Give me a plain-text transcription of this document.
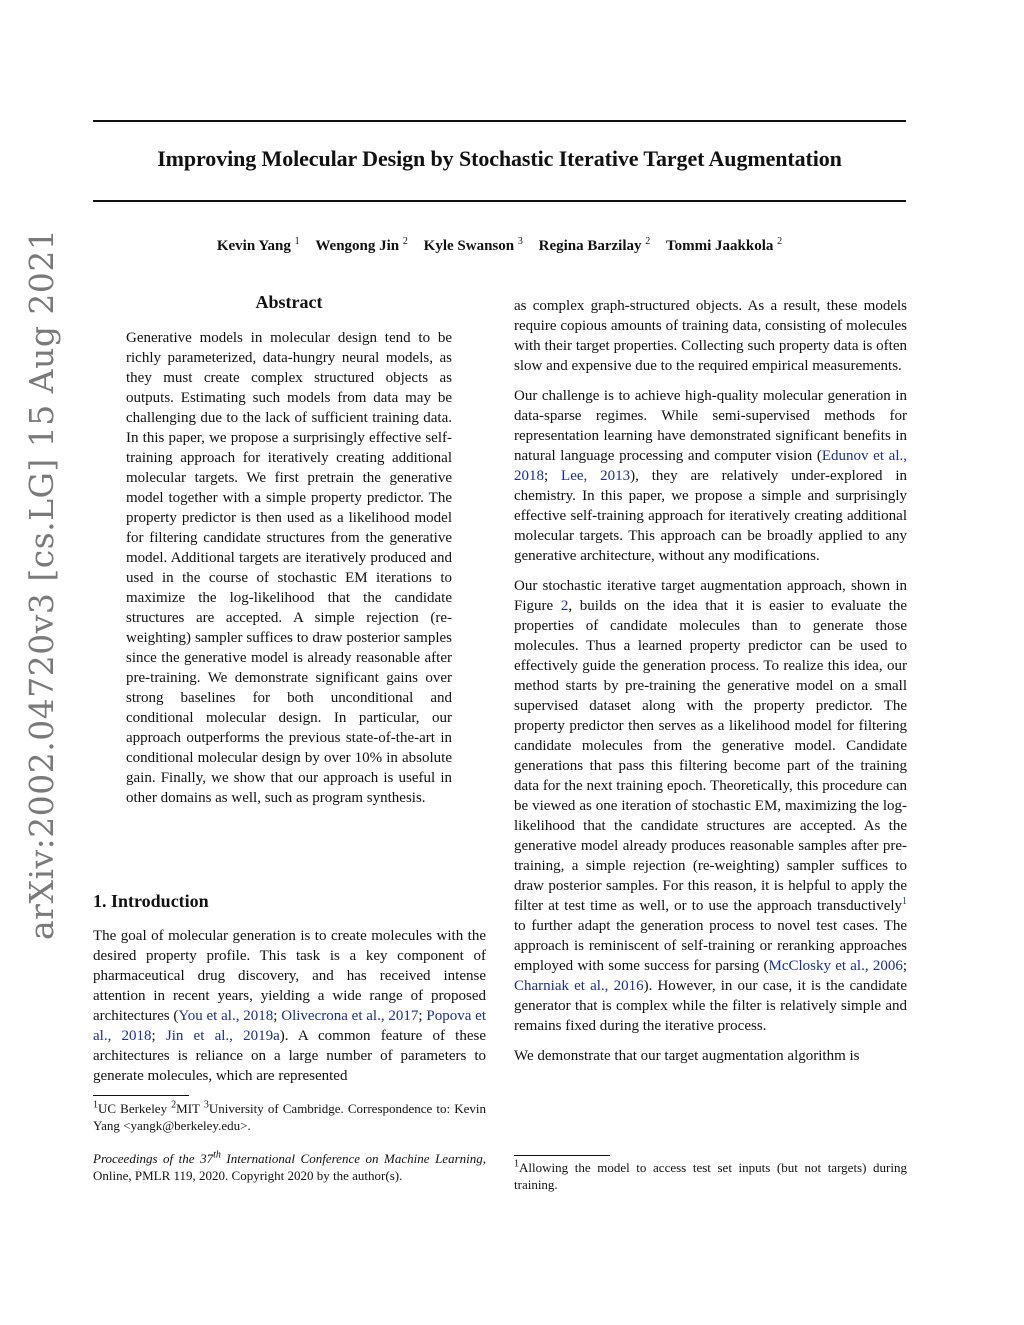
Improving Molecular Design by Stochastic Iterative Target Augmentation
Kevin Yang $^1$ Wengong Jin $^2$ Kyle Swanson $^3$ Regina Barzilay $^2$ Tommi Jaakkola $^2$
arXiv:2002.04720v3 [cs.LG] 15 Aug 2021	Abstract
Generative models in molecular design tend to be richly parameterized, data-hungry neural models, as they must create complex structured objects as outputs. Estimating such models from data may be challenging due to the lack of sufficient training data. In this paper, we propose a surprisingly effective self-training approach for iteratively creating additional molecular targets. We first pretrain the generative model together with a simple property predictor. The property predictor is then used as a likelihood model for filtering candidate structures from the generative model. Additional targets are iteratively produced and used in the course of stochastic EM iterations to maximize the log-likelihood that the candidate structures are accepted. A simple rejection (re-weighting) sampler suffices to draw posterior samples since the generative model is already reasonable after pre-training. We demonstrate significant gains over strong baselines for both unconditional and conditional molecular design. In particular, our approach outperforms the previous state-of-the-art in conditional molecular design by over 10% in absolute gain. Finally, we show that our approach is useful in other domains as well, such as program synthesis.
1. Introduction
The goal of molecular generation is to create molecules with the desired property profile. This task is a key component of pharmaceutical drug discovery, and has received intense attention in recent years, yielding a wide range of proposed architectures (You et al., 2018; Olivecrona et al., 2017; Popova et al., 2018; Jin et al., 2019a). A common feature of these architectures is reliance on a large number of parameters to generate molecules, which are represented
$^1$UC Berkeley $^2$MIT $^3$University of Cambridge. Correspondence to: Kevin Yang <yangk@berkeley.edu>.
Proceedings of the 37th International Conference on Machine Learning, Online, PMLR 119, 2020. Copyright 2020 by the author(s).

as complex graph-structured objects. As a result, these models require copious amounts of training data, consisting of molecules with their target properties. Collecting such property data is often slow and expensive due to the required empirical measurements.

Our challenge is to achieve high-quality molecular generation in data-sparse regimes. While semi-supervised methods for representation learning have demonstrated significant benefits in natural language processing and computer vision (Edunov et al., 2018; Lee, 2013), they are relatively under-explored in chemistry. In this paper, we propose a simple and surprisingly effective self-training approach for iteratively creating additional molecular targets. This approach can be broadly applied to any generative architecture, without any modifications.

Our stochastic iterative target augmentation approach, shown in Figure 2, builds on the idea that it is easier to evaluate the properties of candidate molecules than to generate those molecules. Thus a learned property predictor can be used to effectively guide the generation process. To realize this idea, our method starts by pre-training the generative model on a small supervised dataset along with the property predictor. The property predictor then serves as a likelihood model for filtering candidate molecules from the generative model. Candidate generations that pass this filtering become part of the training data for the next training epoch. Theoretically, this procedure can be viewed as one iteration of stochastic EM, maximizing the log-likelihood that the candidate structures are accepted. As the generative model already produces reasonable samples after pre-training, a simple rejection (re-weighting) sampler suffices to draw posterior samples. For this reason, it is helpful to apply the filter at test time as well, or to use the approach transductively$^1$ to further adapt the generation process to novel test cases. The approach is reminiscent of self-training or reranking approaches employed with some success for parsing (McClosky et al., 2006; Charniak et al., 2016). However, in our case, it is the candidate generator that is complex while the filter is relatively simple and remains fixed during the iterative process.

We demonstrate that our target augmentation algorithm is

$^1$Allowing the model to access test set inputs (but not targets) during training.
